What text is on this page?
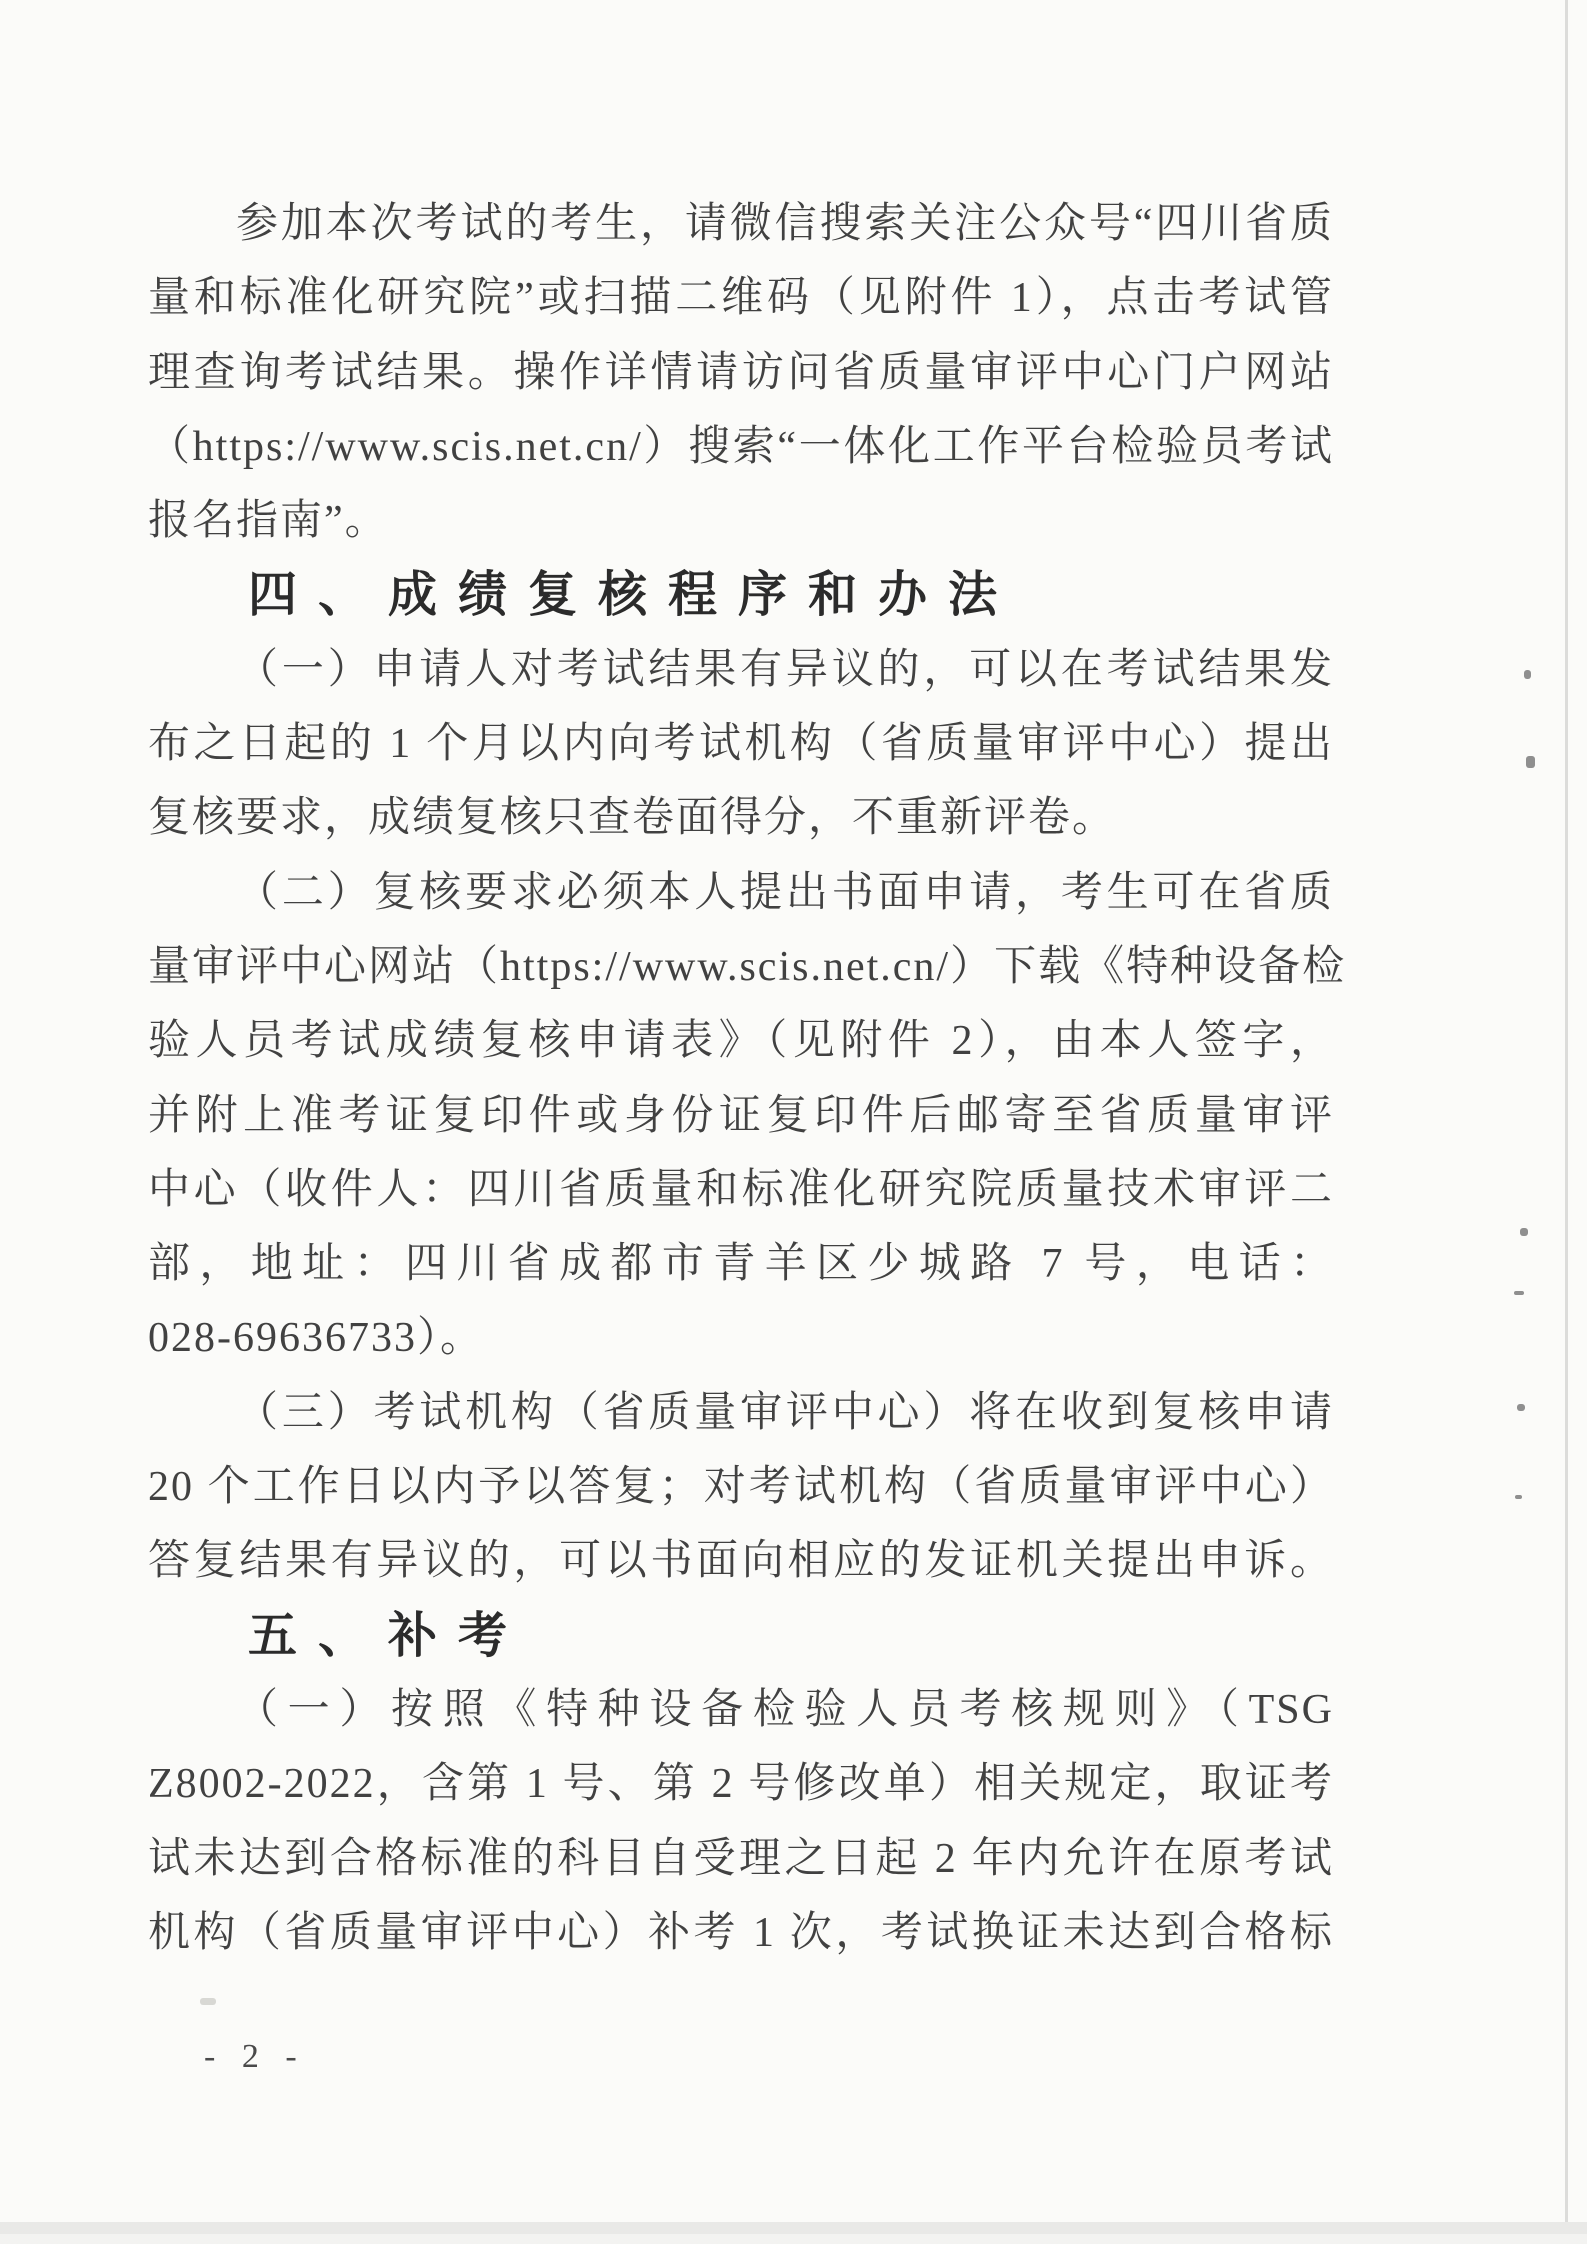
参加本次考试的考生，请微信搜索关注公众号“四川省质
量和标准化研究院”或扫描二维码（见附件 1），点击考试管
理查询考试结果。操作详情请访问省质量审评中心门户网站
（https://www.scis.net.cn/）搜索“一体化工作平台检验员考试
报名指南”。
四、成绩复核程序和办法
（一）申请人对考试结果有异议的，可以在考试结果发
布之日起的 1 个月以内向考试机构（省质量审评中心）提出
复核要求，成绩复核只查卷面得分，不重新评卷。
（二）复核要求必须本人提出书面申请，考生可在省质
量审评中心网站（https://www.scis.net.cn/）下载《特种设备检
验人员考试成绩复核申请表》（见附件 2），由本人签字，
并附上准考证复印件或身份证复印件后邮寄至省质量审评
中心（收件人：四川省质量和标准化研究院质量技术审评二
部，地址：四川省成都市青羊区少城路 7 号，电话：
028-69636733）。
（三）考试机构（省质量审评中心）将在收到复核申请
20 个工作日以内予以答复；对考试机构（省质量审评中心）
答复结果有异议的，可以书面向相应的发证机关提出申诉。
五、补考
（一）按照《特种设备检验人员考核规则》（TSG
Z8002-2022，含第 1 号、第 2 号修改单）相关规定，取证考
试未达到合格标准的科目自受理之日起 2 年内允许在原考试
机构（省质量审评中心）补考 1 次，考试换证未达到合格标
- 2 -
